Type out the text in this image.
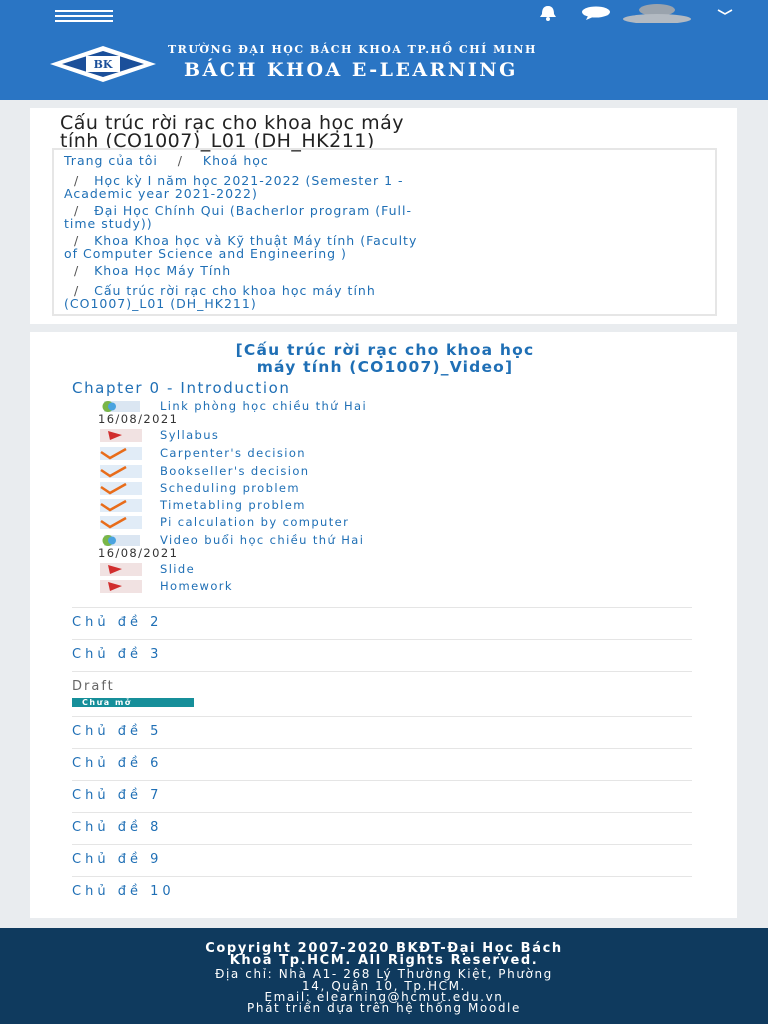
BK
TRƯỜNG ĐẠI HỌC BÁCH KHOA TP.HỒ CHÍ MINH
BÁCH KHOA E-LEARNING
Cấu trúc rời rạc cho khoa học máy
tính (CO1007)_L01 (DH_HK211)
Trang của tôi    /    Khoá học
/   Học kỳ I năm học 2021-2022 (Semester 1 -
Academic year 2021-2022)
/   Đại Học Chính Qui (Bacherlor program (Full-
time study))
/   Khoa Khoa học và Kỹ thuật Máy tính (Faculty
of Computer Science and Engineering )
/   Khoa Học Máy Tính
/   Cấu trúc rời rạc cho khoa học máy tính
(CO1007)_L01 (DH_HK211)
[Cấu trúc rời rạc cho khoa học
máy tính (CO1007)_Video]
Chapter 0 - Introduction
Link phòng học chiều thứ Hai
16/08/2021
Syllabus
Carpenter's decision
Bookseller's decision
Scheduling problem
Timetabling problem
Pi calculation by computer
Video buổi học chiều thứ Hai
16/08/2021
Slide
Homework
Chủ đề 2
Chủ đề 3
Draft
Chưa mở
Chủ đề 5
Chủ đề 6
Chủ đề 7
Chủ đề 8
Chủ đề 9
Chủ đề 10
Copyright 2007-2020 BKĐT-Đại Học Bách
Khoa Tp.HCM. All Rights Reserved.
Địa chỉ: Nhà A1- 268 Lý Thường Kiệt, Phường
14, Quận 10, Tp.HCM.
Email: elearning@hcmut.edu.vn
Phát triển dựa trên hệ thống Moodle
